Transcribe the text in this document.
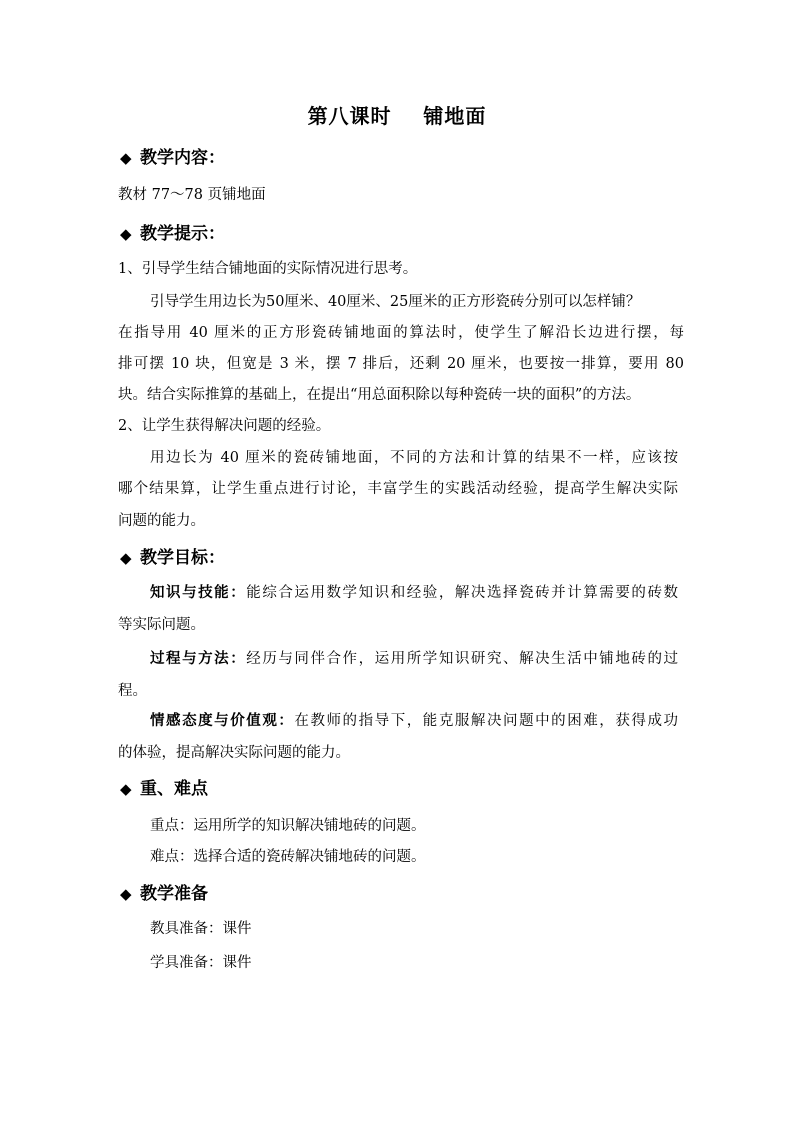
第八课时    铺地面
◆ 教学内容：
教材 77～78 页铺地面
◆ 教学提示：
1、引导学生结合铺地面的实际情况进行思考。
引导学生用边长为50厘米、40厘米、25厘米的正方形瓷砖分别可以怎样铺？
在指导用 40 厘米的正方形瓷砖铺地面的算法时，使学生了解沿长边进行摆，每
排可摆 10 块，但宽是 3 米，摆 7 排后，还剩 20 厘米，也要按一排算，要用 80
块。结合实际推算的基础上，在提出“用总面积除以每种瓷砖一块的面积”的方法。
2、让学生获得解决问题的经验。
用边长为 40 厘米的瓷砖铺地面，不同的方法和计算的结果不一样，应该按
哪个结果算，让学生重点进行讨论，丰富学生的实践活动经验，提高学生解决实际
问题的能力。
◆ 教学目标：
知识与技能：能综合运用数学知识和经验，解决选择瓷砖并计算需要的砖数
等实际问题。
过程与方法：经历与同伴合作，运用所学知识研究、解决生活中铺地砖的过
程。
情感态度与价值观：在教师的指导下，能克服解决问题中的困难，获得成功
的体验，提高解决实际问题的能力。
◆ 重、难点
重点：运用所学的知识解决铺地砖的问题。
难点：选择合适的瓷砖解决铺地砖的问题。
◆ 教学准备
教具准备：课件
学具准备：课件
